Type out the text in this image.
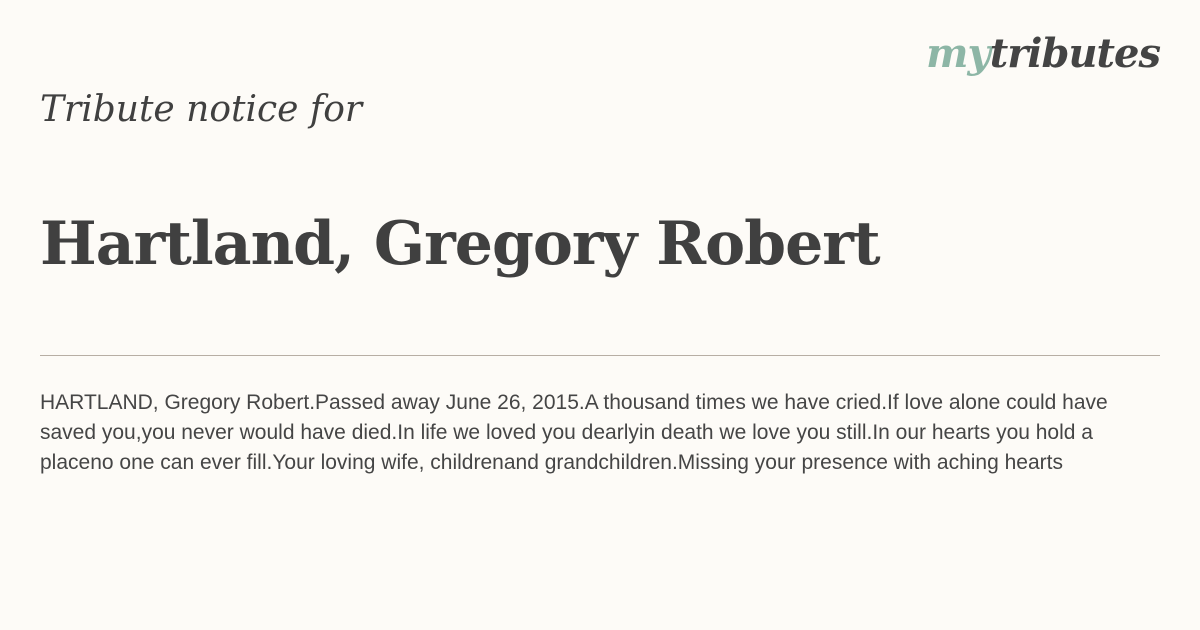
mytributes
Tribute notice for
Hartland, Gregory Robert

HARTLAND, Gregory Robert.Passed away June 26, 2015.A thousand times we have cried.If love alone could have saved you,you never would have died.In life we loved you dearlyin death we love you still.In our hearts you hold a placeno one can ever fill.Your loving wife, childrenand grandchildren.Missing your presence with aching hearts
